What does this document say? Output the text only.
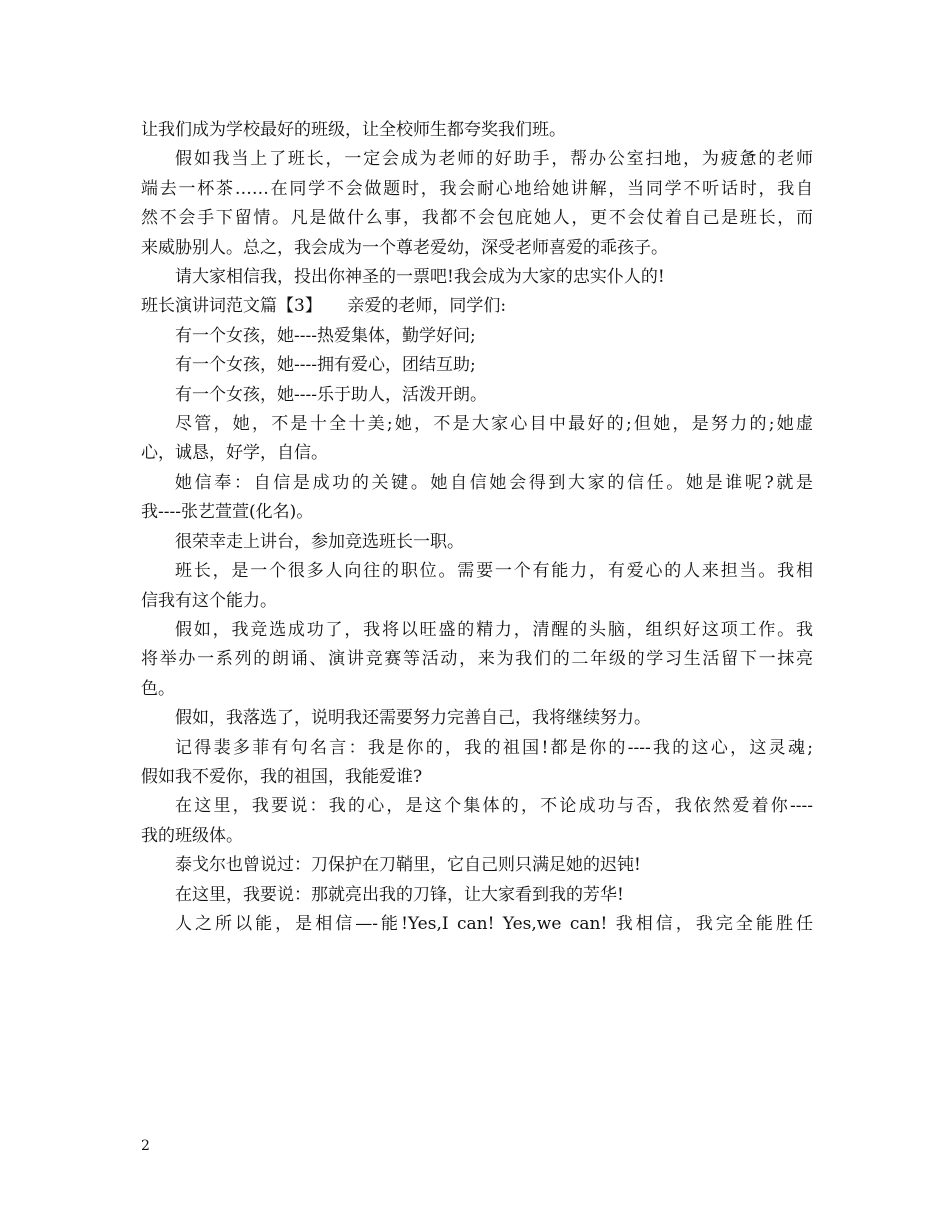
让我们成为学校最好的班级，让全校师生都夸奖我们班。
假如我当上了班长，一定会成为老师的好助手，帮办公室扫地，为疲惫的老师
端去一杯茶……在同学不会做题时，我会耐心地给她讲解，当同学不听话时，我自
然不会手下留情。凡是做什么事，我都不会包庇她人，更不会仗着自己是班长，而
来威胁别人。总之，我会成为一个尊老爱幼，深受老师喜爱的乖孩子。
请大家相信我，投出你神圣的一票吧!我会成为大家的忠实仆人的!
班长演讲词范文篇【3】　　亲爱的老师，同学们:
有一个女孩，她----热爱集体，勤学好问;
有一个女孩，她----拥有爱心，团结互助;
有一个女孩，她----乐于助人，活泼开朗。
尽管，她，不是十全十美;她，不是大家心目中最好的;但她，是努力的;她虚
心，诚恳，好学，自信。
她信奉：自信是成功的关键。她自信她会得到大家的信任。她是谁呢?就是
我----张艺萱萱(化名)。
很荣幸走上讲台，参加竞选班长一职。
班长，是一个很多人向往的职位。需要一个有能力，有爱心的人来担当。我相
信我有这个能力。
假如，我竞选成功了，我将以旺盛的精力，清醒的头脑，组织好这项工作。我
将举办一系列的朗诵、演讲竞赛等活动，来为我们的二年级的学习生活留下一抹亮
色。
假如，我落选了，说明我还需要努力完善自己，我将继续努力。
记得裴多菲有句名言：我是你的，我的祖国!都是你的----我的这心，这灵魂;
假如我不爱你，我的祖国，我能爱谁?
在这里，我要说：我的心，是这个集体的，不论成功与否，我依然爱着你----
我的班级体。
泰戈尔也曾说过：刀保护在刀鞘里，它自己则只满足她的迟钝!
在这里，我要说：那就亮出我的刀锋，让大家看到我的芳华!
人之所以能，是相信—-能!Yes,I can! Yes,we can! 我相信，我完全能胜任
2
